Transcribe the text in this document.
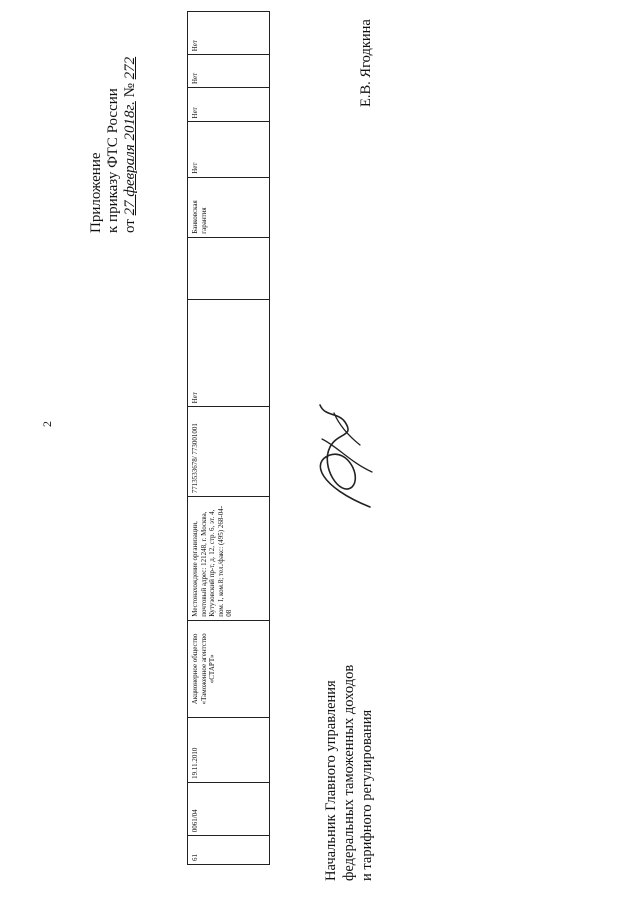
2
Приложение к приказу ФТС России от 27 февраля 2018г. № 272
61	0061/04	19.11.2010	Акционерное общество «Таможенное агентство «СТАРТ»	Местонахождение организации, почтовый адрес: 121248, г. Москва, Кутузовский пр-т, д. 12, стр. 6, эт. 4, пом. I, ком.8; тел./факс: (495) 268-04-08	7713533678/ 773001001	Нет		Банковская гарантия	Нет	Нет	Нет	Нет
Начальник Главного управления федеральных таможенных доходов и тарифного регулирования
Е.В. Ягодкина
